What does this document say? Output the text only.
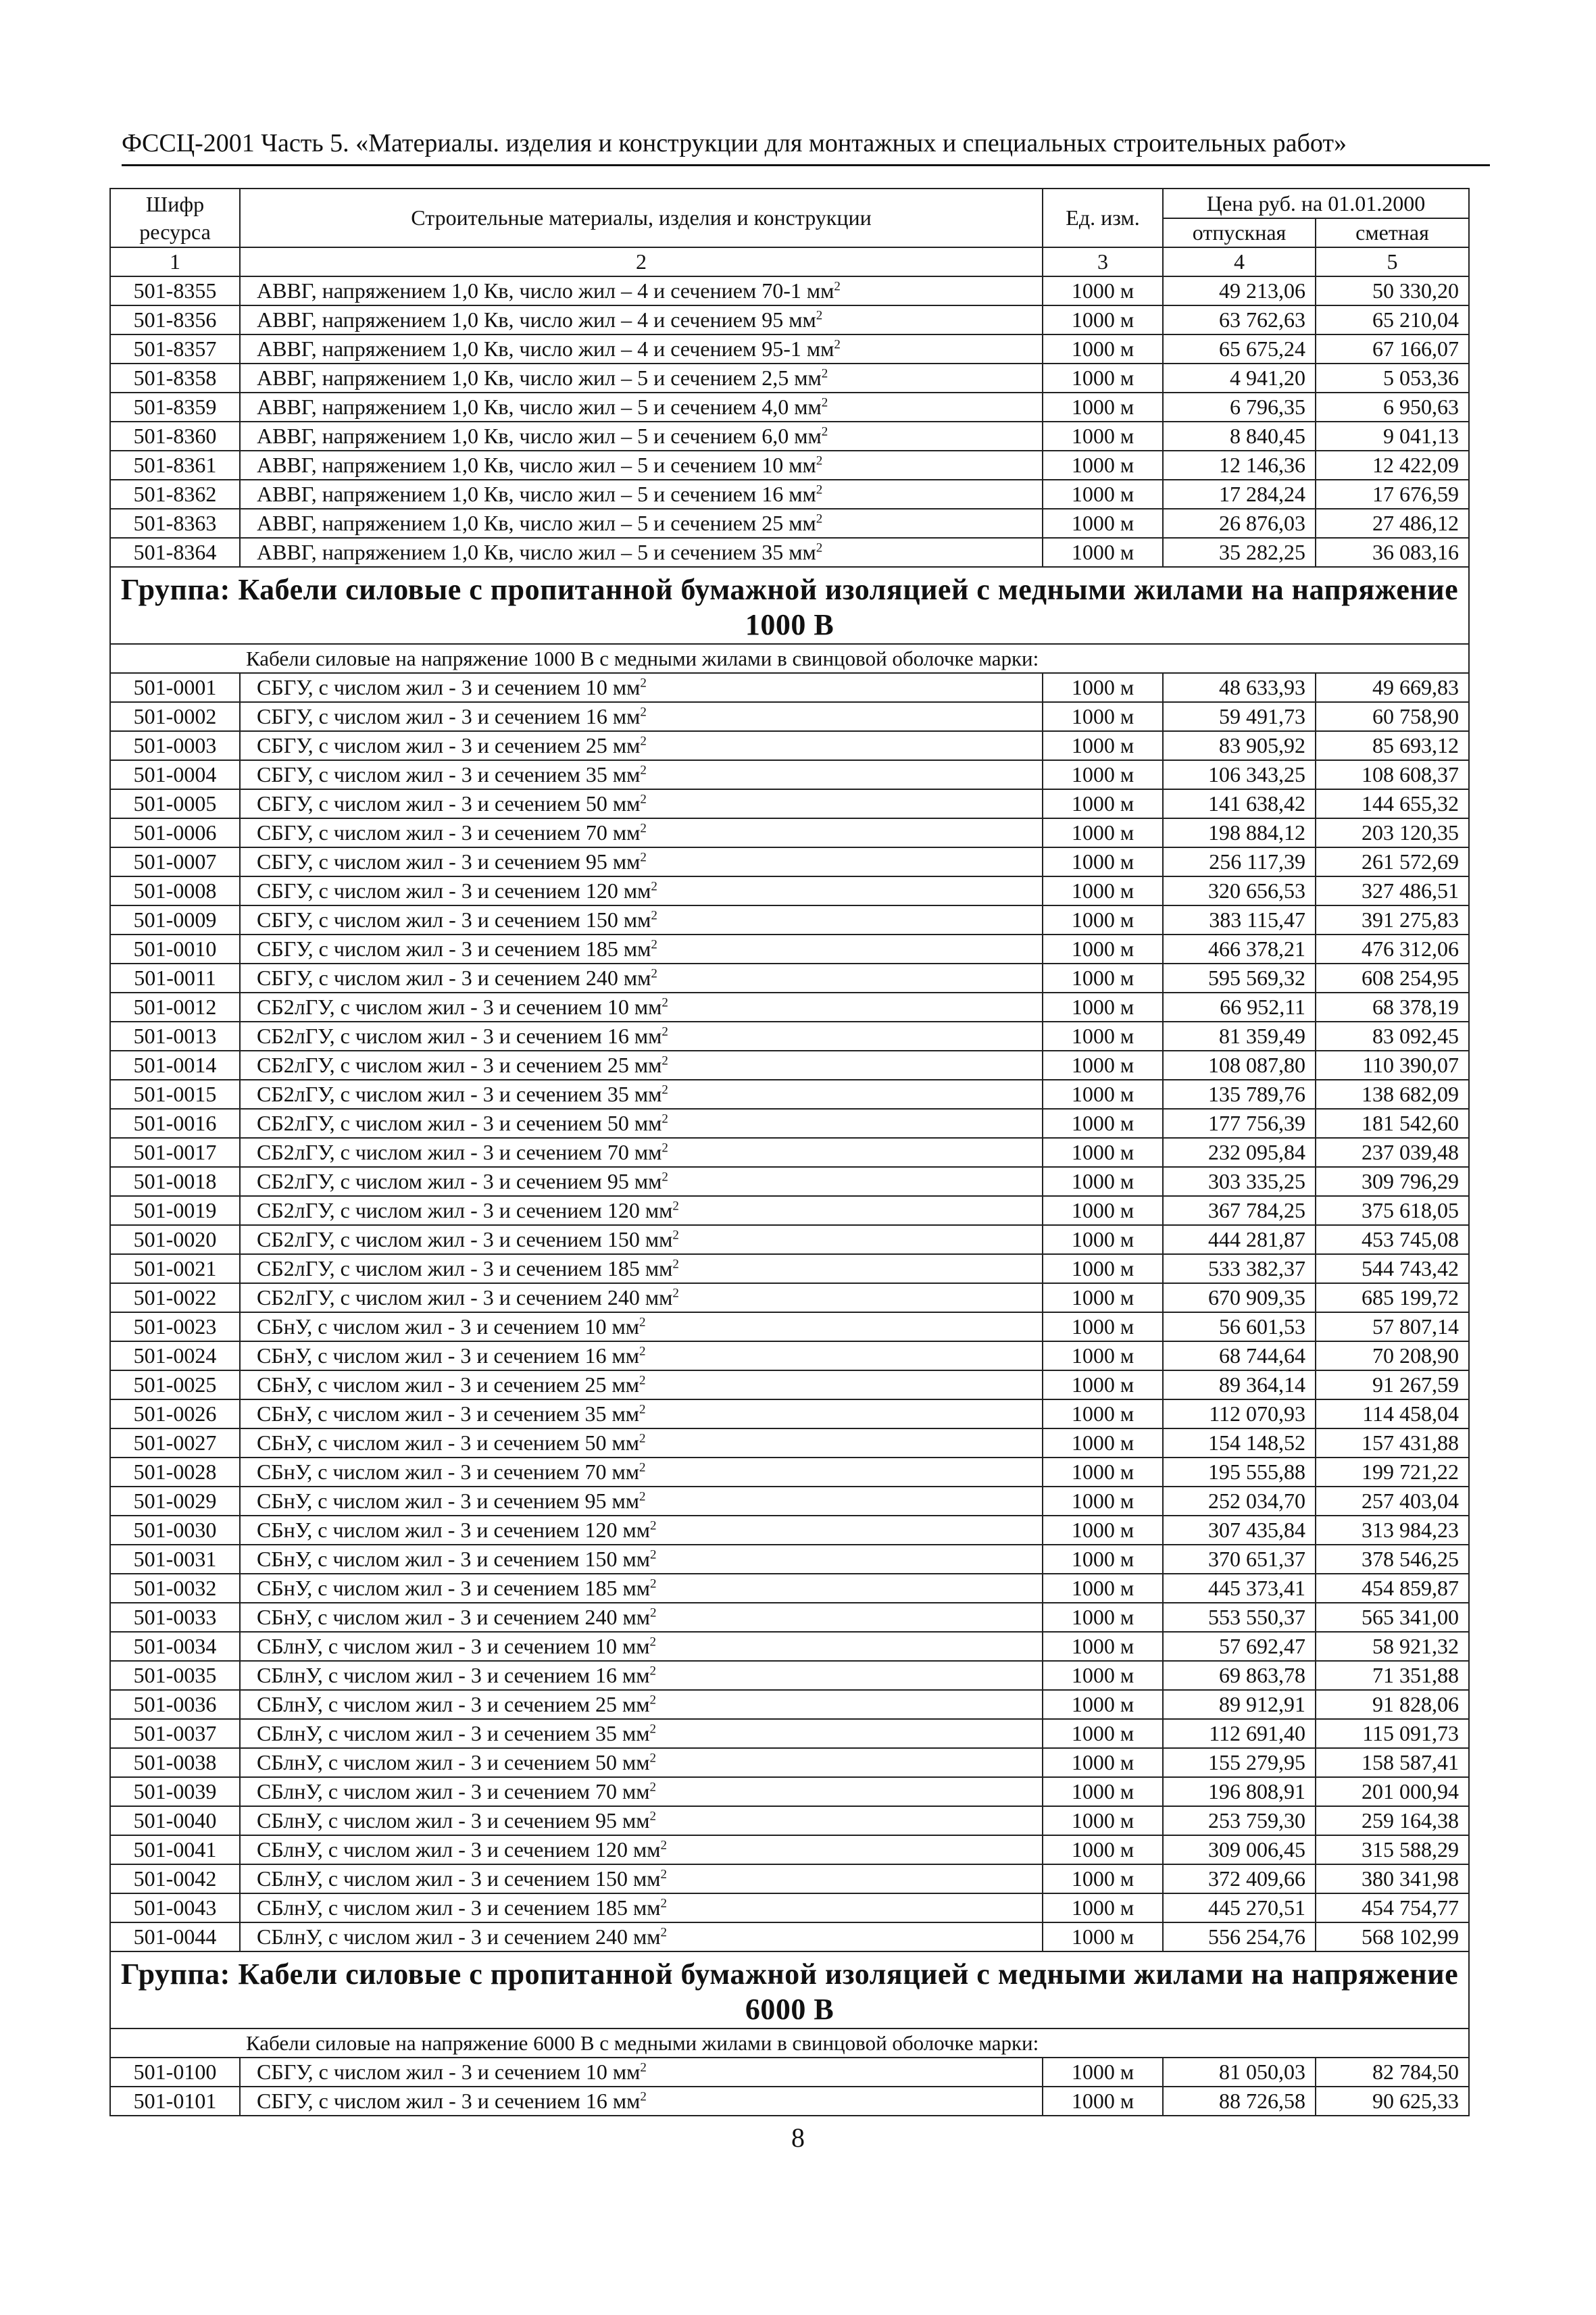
ФССЦ-2001 Часть 5. «Материалы. изделия и конструкции для монтажных и специальных строительных работ»
Шифр ресурса	Строительные материалы, изделия и конструкции	Ед. изм.	Цена руб. на 01.01.2000	
			отпускная	сметная
1	2	3	4	5
501-8355	АВВГ, напряжением 1,0 Кв, число жил – 4 и сечением 70-1 $мм^2$	1000 м	49 213,06	50 330,20
501-8356	АВВГ, напряжением 1,0 Кв, число жил – 4 и сечением 95 $мм^2$	1000 м	63 762,63	65 210,04
501-8357	АВВГ, напряжением 1,0 Кв, число жил – 4 и сечением 95-1 $мм^2$	1000 м	65 675,24	67 166,07
501-8358	АВВГ, напряжением 1,0 Кв, число жил – 5 и сечением 2,5 $мм^2$	1000 м	4 941,20	5 053,36
501-8359	АВВГ, напряжением 1,0 Кв, число жил – 5 и сечением 4,0 $мм^2$	1000 м	6 796,35	6 950,63
501-8360	АВВГ, напряжением 1,0 Кв, число жил – 5 и сечением 6,0 $мм^2$	1000 м	8 840,45	9 041,13
501-8361	АВВГ, напряжением 1,0 Кв, число жил – 5 и сечением 10 $мм^2$	1000 м	12 146,36	12 422,09
501-8362	АВВГ, напряжением 1,0 Кв, число жил – 5 и сечением 16 $мм^2$	1000 м	17 284,24	17 676,59
501-8363	АВВГ, напряжением 1,0 Кв, число жил – 5 и сечением 25 $мм^2$	1000 м	26 876,03	27 486,12
501-8364	АВВГ, напряжением 1,0 Кв, число жил – 5 и сечением 35 $мм^2$	1000 м	35 282,25	36 083,16
Группа: Кабели силовые с пропитанной бумажной изоляцией с медными жилами на напряжение 1000 В				
Кабели силовые на напряжение 1000 В с медными жилами в свинцовой оболочке марки:				
501-0001	СБГУ, с числом жил - 3 и сечением 10 $мм^2$	1000 м	48 633,93	49 669,83
501-0002	СБГУ, с числом жил - 3 и сечением 16 $мм^2$	1000 м	59 491,73	60 758,90
501-0003	СБГУ, с числом жил - 3 и сечением 25 $мм^2$	1000 м	83 905,92	85 693,12
501-0004	СБГУ, с числом жил - 3 и сечением 35 $мм^2$	1000 м	106 343,25	108 608,37
501-0005	СБГУ, с числом жил - 3 и сечением 50 $мм^2$	1000 м	141 638,42	144 655,32
501-0006	СБГУ, с числом жил - 3 и сечением 70 $мм^2$	1000 м	198 884,12	203 120,35
501-0007	СБГУ, с числом жил - 3 и сечением 95 $мм^2$	1000 м	256 117,39	261 572,69
501-0008	СБГУ, с числом жил - 3 и сечением 120 $мм^2$	1000 м	320 656,53	327 486,51
501-0009	СБГУ, с числом жил - 3 и сечением 150 $мм^2$	1000 м	383 115,47	391 275,83
501-0010	СБГУ, с числом жил - 3 и сечением 185 $мм^2$	1000 м	466 378,21	476 312,06
501-0011	СБГУ, с числом жил - 3 и сечением 240 $мм^2$	1000 м	595 569,32	608 254,95
501-0012	СБ2лГУ, с числом жил - 3 и сечением 10 $мм^2$	1000 м	66 952,11	68 378,19
501-0013	СБ2лГУ, с числом жил - 3 и сечением 16 $мм^2$	1000 м	81 359,49	83 092,45
501-0014	СБ2лГУ, с числом жил - 3 и сечением 25 $мм^2$	1000 м	108 087,80	110 390,07
501-0015	СБ2лГУ, с числом жил - 3 и сечением 35 $мм^2$	1000 м	135 789,76	138 682,09
501-0016	СБ2лГУ, с числом жил - 3 и сечением 50 $мм^2$	1000 м	177 756,39	181 542,60
501-0017	СБ2лГУ, с числом жил - 3 и сечением 70 $мм^2$	1000 м	232 095,84	237 039,48
501-0018	СБ2лГУ, с числом жил - 3 и сечением 95 $мм^2$	1000 м	303 335,25	309 796,29
501-0019	СБ2лГУ, с числом жил - 3 и сечением 120 $мм^2$	1000 м	367 784,25	375 618,05
501-0020	СБ2лГУ, с числом жил - 3 и сечением 150 $мм^2$	1000 м	444 281,87	453 745,08
501-0021	СБ2лГУ, с числом жил - 3 и сечением 185 $мм^2$	1000 м	533 382,37	544 743,42
501-0022	СБ2лГУ, с числом жил - 3 и сечением 240 $мм^2$	1000 м	670 909,35	685 199,72
501-0023	СБнУ, с числом жил - 3 и сечением 10 $мм^2$	1000 м	56 601,53	57 807,14
501-0024	СБнУ, с числом жил - 3 и сечением 16 $мм^2$	1000 м	68 744,64	70 208,90
501-0025	СБнУ, с числом жил - 3 и сечением 25 $мм^2$	1000 м	89 364,14	91 267,59
501-0026	СБнУ, с числом жил - 3 и сечением 35 $мм^2$	1000 м	112 070,93	114 458,04
501-0027	СБнУ, с числом жил - 3 и сечением 50 $мм^2$	1000 м	154 148,52	157 431,88
501-0028	СБнУ, с числом жил - 3 и сечением 70 $мм^2$	1000 м	195 555,88	199 721,22
501-0029	СБнУ, с числом жил - 3 и сечением 95 $мм^2$	1000 м	252 034,70	257 403,04
501-0030	СБнУ, с числом жил - 3 и сечением 120 $мм^2$	1000 м	307 435,84	313 984,23
501-0031	СБнУ, с числом жил - 3 и сечением 150 $мм^2$	1000 м	370 651,37	378 546,25
501-0032	СБнУ, с числом жил - 3 и сечением 185 $мм^2$	1000 м	445 373,41	454 859,87
501-0033	СБнУ, с числом жил - 3 и сечением 240 $мм^2$	1000 м	553 550,37	565 341,00
501-0034	СБлнУ, с числом жил - 3 и сечением 10 $мм^2$	1000 м	57 692,47	58 921,32
501-0035	СБлнУ, с числом жил - 3 и сечением 16 $мм^2$	1000 м	69 863,78	71 351,88
501-0036	СБлнУ, с числом жил - 3 и сечением 25 $мм^2$	1000 м	89 912,91	91 828,06
501-0037	СБлнУ, с числом жил - 3 и сечением 35 $мм^2$	1000 м	112 691,40	115 091,73
501-0038	СБлнУ, с числом жил - 3 и сечением 50 $мм^2$	1000 м	155 279,95	158 587,41
501-0039	СБлнУ, с числом жил - 3 и сечением 70 $мм^2$	1000 м	196 808,91	201 000,94
501-0040	СБлнУ, с числом жил - 3 и сечением 95 $мм^2$	1000 м	253 759,30	259 164,38
501-0041	СБлнУ, с числом жил - 3 и сечением 120 $мм^2$	1000 м	309 006,45	315 588,29
501-0042	СБлнУ, с числом жил - 3 и сечением 150 $мм^2$	1000 м	372 409,66	380 341,98
501-0043	СБлнУ, с числом жил - 3 и сечением 185 $мм^2$	1000 м	445 270,51	454 754,77
501-0044	СБлнУ, с числом жил - 3 и сечением 240 $мм^2$	1000 м	556 254,76	568 102,99
Группа: Кабели силовые с пропитанной бумажной изоляцией с медными жилами на напряжение 6000 В				
Кабели силовые на напряжение 6000 В с медными жилами в свинцовой оболочке марки:				
501-0100	СБГУ, с числом жил - 3 и сечением 10 $мм^2$	1000 м	81 050,03	82 784,50
501-0101	СБГУ, с числом жил - 3 и сечением 16 $мм^2$	1000 м	88 726,58	90 625,33
8
